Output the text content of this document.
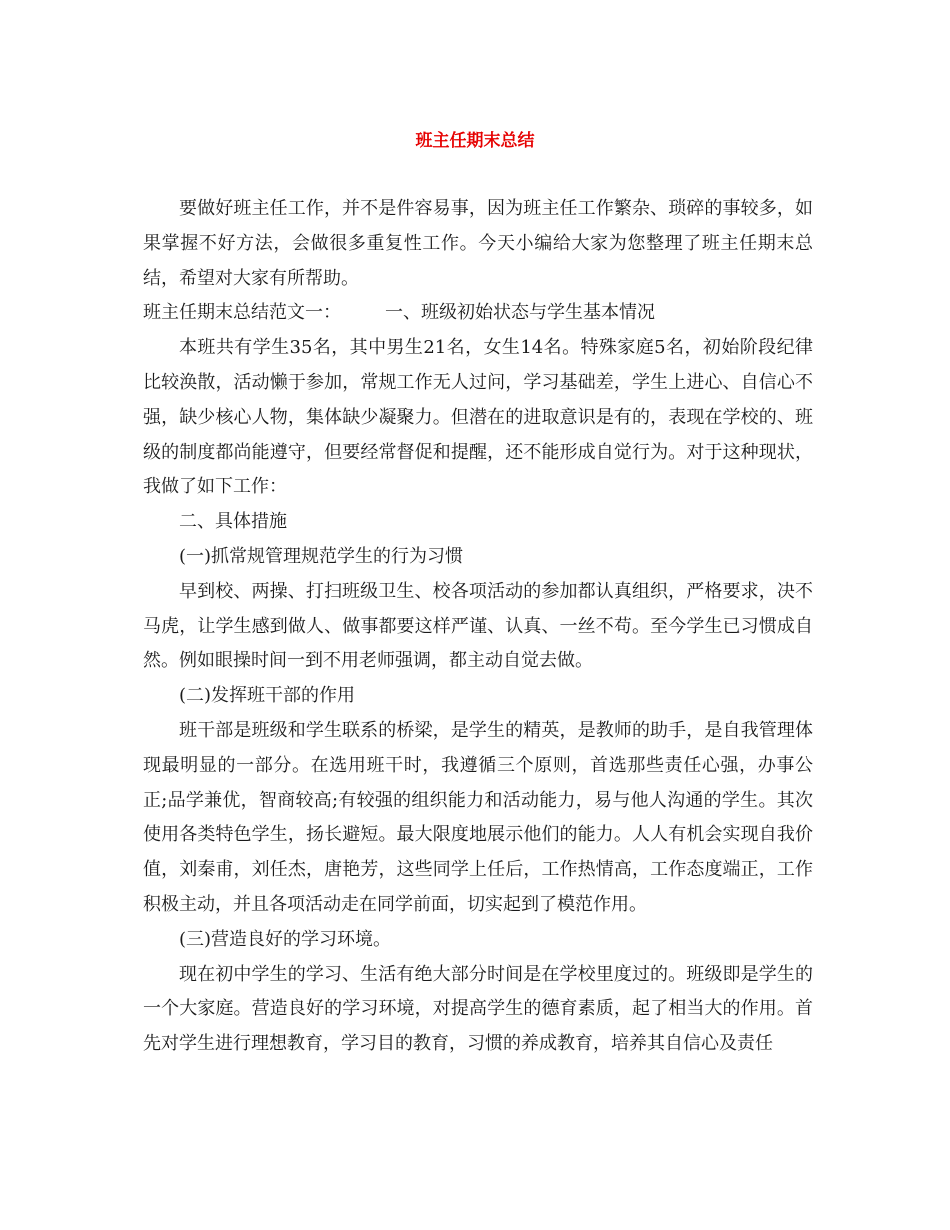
班主任期末总结

要做好班主任工作，并不是件容易事，因为班主任工作繁杂、琐碎的事较多，如果掌握不好方法，会做很多重复性工作。今天小编给大家为您整理了班主任期末总结，希望对大家有所帮助。

班主任期末总结范文一： 一、班级初始状态与学生基本情况

本班共有学生35名，其中男生21名，女生14名。特殊家庭5名，初始阶段纪律比较涣散，活动懒于参加，常规工作无人过问，学习基础差，学生上进心、自信心不强，缺少核心人物，集体缺少凝聚力。但潜在的进取意识是有的，表现在学校的、班级的制度都尚能遵守，但要经常督促和提醒，还不能形成自觉行为。对于这种现状，我做了如下工作：

二、具体措施

(一)抓常规管理规范学生的行为习惯

早到校、两操、打扫班级卫生、校各项活动的参加都认真组织，严格要求，决不马虎，让学生感到做人、做事都要这样严谨、认真、一丝不苟。至今学生已习惯成自然。例如眼操时间一到不用老师强调，都主动自觉去做。

(二)发挥班干部的作用

班干部是班级和学生联系的桥梁，是学生的精英，是教师的助手，是自我管理体现最明显的一部分。在选用班干时，我遵循三个原则，首选那些责任心强，办事公正;品学兼优，智商较高;有较强的组织能力和活动能力，易与他人沟通的学生。其次使用各类特色学生，扬长避短。最大限度地展示他们的能力。人人有机会实现自我价值，刘秦甫，刘任杰，唐艳芳，这些同学上任后，工作热情高，工作态度端正，工作积极主动，并且各项活动走在同学前面，切实起到了模范作用。

(三)营造良好的学习环境。

现在初中学生的学习、生活有绝大部分时间是在学校里度过的。班级即是学生的一个大家庭。营造良好的学习环境，对提高学生的德育素质，起了相当大的作用。首先对学生进行理想教育，学习目的教育，习惯的养成教育，培养其自信心及责任
